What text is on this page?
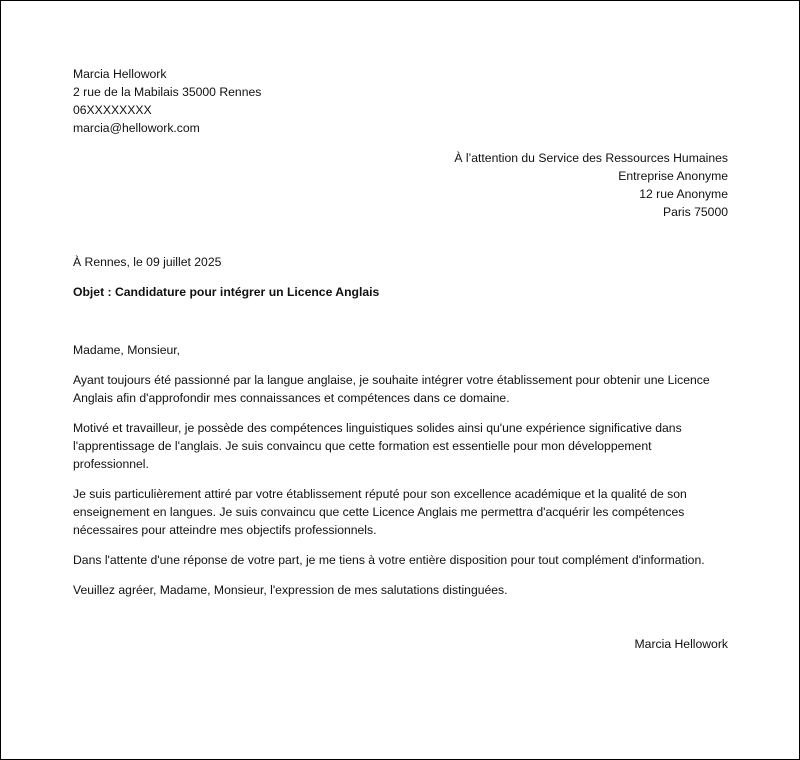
Marcia Hellowork
2 rue de la Mabilais 35000 Rennes
06XXXXXXXX
marcia@hellowork.com
À l’attention du Service des Ressources Humaines
Entreprise Anonyme
12 rue Anonyme
Paris 75000
À Rennes, le 09 juillet 2025
Objet : Candidature pour intégrer un Licence Anglais
Madame, Monsieur,

Ayant toujours été passionné par la langue anglaise, je souhaite intégrer votre établissement pour obtenir une Licence Anglais afin d'approfondir mes connaissances et compétences dans ce domaine.

Motivé et travailleur, je possède des compétences linguistiques solides ainsi qu'une expérience significative dans l'apprentissage de l'anglais. Je suis convaincu que cette formation est essentielle pour mon développement professionnel.

Je suis particulièrement attiré par votre établissement réputé pour son excellence académique et la qualité de son enseignement en langues. Je suis convaincu que cette Licence Anglais me permettra d'acquérir les compétences nécessaires pour atteindre mes objectifs professionnels.

Dans l'attente d'une réponse de votre part, je me tiens à votre entière disposition pour tout complément d'information.

Veuillez agréer, Madame, Monsieur, l'expression de mes salutations distinguées.

Marcia Hellowork
